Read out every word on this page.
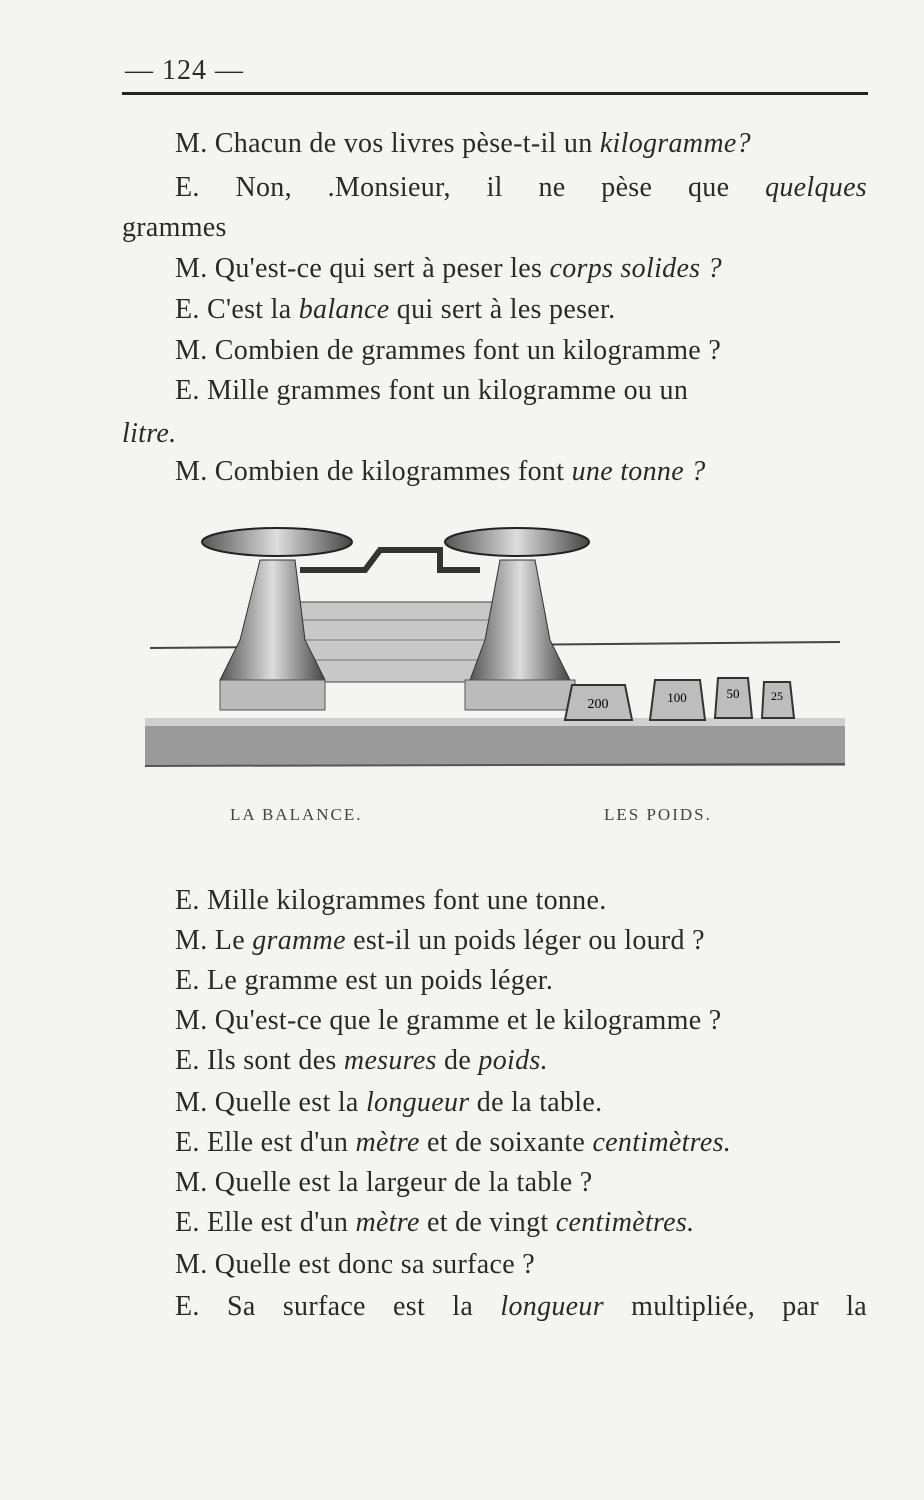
— 124 —
M. Chacun de vos livres pèse-t-il un kilogramme?
E. Non, .Monsieur, il ne pèse que quelques
grammes
M. Qu'est-ce qui sert à peser les corps solides ?
E. C'est la balance qui sert à les peser.
M. Combien de grammes font un kilogramme ?
E. Mille grammes font un kilogramme ou un
litre.
M. Combien de kilogrammes font une tonne ?
200	100	50	25
LA BALANCE.	LES POIDS.
E. Mille kilogrammes font une tonne.
M. Le gramme est-il un poids léger ou lourd ?
E. Le gramme est un poids léger.
M. Qu'est-ce que le gramme et le kilogramme ?
E. Ils sont des mesures de poids.
M. Quelle est la longueur de la table.
E. Elle est d'un mètre et de soixante centimètres.
M. Quelle est la largeur de la table ?
E. Elle est d'un mètre et de vingt centimètres.
M. Quelle est donc sa surface ?
E. Sa surface est la longueur multipliée, par la
